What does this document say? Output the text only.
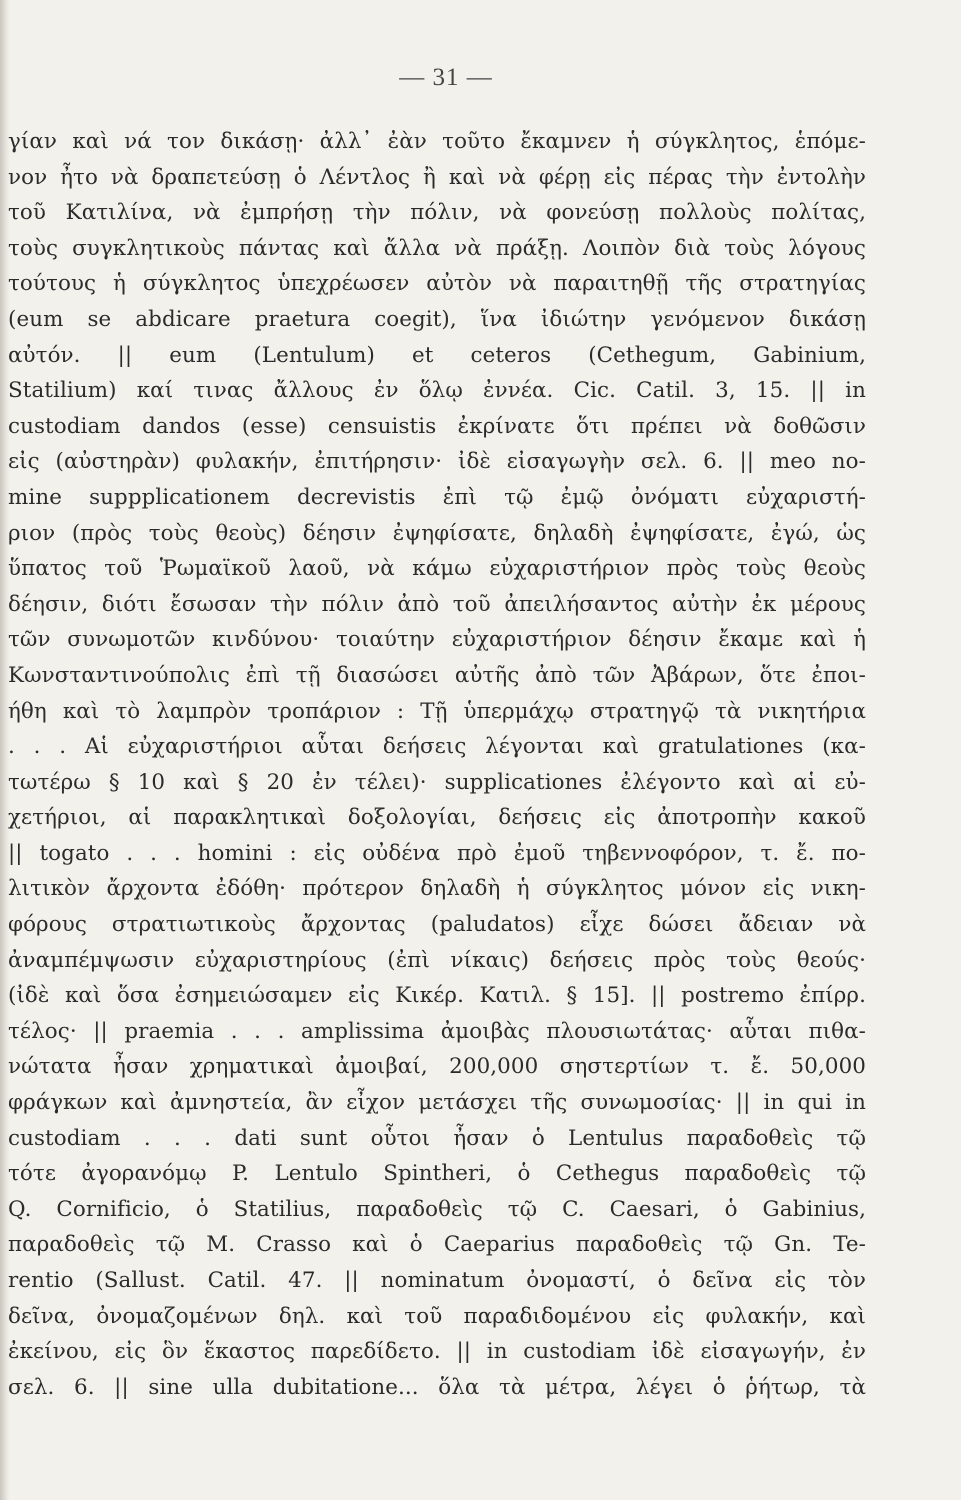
— 31 —
γίαν καὶ νά τον δικάσῃ· ἀλλ᾽ ἐὰν τοῦτο ἔκαμνεν ἡ σύγκλητος, ἑπόμε-
νον ἦτο νὰ δραπετεύσῃ ὁ Λέντλος ἢ καὶ νὰ φέρῃ εἰς πέρας τὴν ἐντολὴν
τοῦ Κατιλίνα, νὰ ἐμπρήσῃ τὴν πόλιν, νὰ φονεύσῃ πολλοὺς πολίτας,
τοὺς συγκλητικοὺς πάντας καὶ ἄλλα νὰ πράξῃ. Λοιπὸν διὰ τοὺς λόγους
τούτους ἡ σύγκλητος ὑπεχρέωσεν αὐτὸν νὰ παραιτηθῇ τῆς στρατηγίας
(eum se abdicare praetura coegit), ἵνα ἰδιώτην γενόμενον δικάσῃ
αὐτόν. || eum (Lentulum) et ceteros (Cethegum, Gabinium,
Statilium) καί τινας ἄλλους ἐν ὅλῳ ἐννέα. Cic. Catil. 3, 15. || in
custodiam dandos (esse) censuistis ἐκρίνατε ὅτι πρέπει νὰ δοθῶσιν
εἰς (αὐστηρὰν) φυλακήν, ἐπιτήρησιν· ἰδὲ εἰσαγωγὴν σελ. 6. || meo no-
mine suppplicationem decrevistis ἐπὶ τῷ ἐμῷ ὀνόματι εὐχαριστή-
ριον (πρὸς τοὺς θεοὺς) δέησιν ἐψηφίσατε, δηλαδὴ ἐψηφίσατε, ἐγώ, ὡς
ὕπατος τοῦ Ῥωμαϊκοῦ λαοῦ, νὰ κάμω εὐχαριστήριον πρὸς τοὺς θεοὺς
δέησιν, διότι ἔσωσαν τὴν πόλιν ἀπὸ τοῦ ἀπειλήσαντος αὐτὴν ἐκ μέρους
τῶν συνωμοτῶν κινδύνου· τοιαύτην εὐχαριστήριον δέησιν ἔκαμε καὶ ἡ
Κωνσταντινούπολις ἐπὶ τῇ διασώσει αὐτῆς ἀπὸ τῶν Ἀβάρων, ὅτε ἐποι-
ήθη καὶ τὸ λαμπρὸν τροπάριον : Τῇ ὑπερμάχῳ στρατηγῷ τὰ νικητήρια
. . . Αἱ εὐχαριστήριοι αὗται δεήσεις λέγονται καὶ gratulationes (κα-
τωτέρω § 10 καὶ § 20 ἐν τέλει)· supplicationes ἐλέγοντο καὶ αἱ εὐ-
χετήριοι, αἱ παρακλητικαὶ δοξολογίαι, δεήσεις εἰς ἀποτροπὴν κακοῦ
|| togato . . . homini : εἰς οὐδένα πρὸ ἐμοῦ τηβεννοφόρον, τ. ἔ. πο-
λιτικὸν ἄρχοντα ἐδόθη· πρότερον δηλαδὴ ἡ σύγκλητος μόνον εἰς νικη-
φόρους στρατιωτικοὺς ἄρχοντας (paludatos) εἶχε δώσει ἄδειαν νὰ
ἀναμπέμψωσιν εὐχαριστηρίους (ἐπὶ νίκαις) δεήσεις πρὸς τοὺς θεούς·
(ἰδὲ καὶ ὅσα ἐσημειώσαμεν εἰς Κικέρ. Κατιλ. § 15]. || postremo ἐπίρρ.
τέλος· || praemia . . . amplissima ἀμοιβὰς πλουσιωτάτας· αὗται πιθα-
νώτατα ἦσαν χρηματικαὶ ἀμοιβαί, 200,000 σηστερτίων τ. ἔ. 50,000
φράγκων καὶ ἀμνηστεία, ἂν εἶχον μετάσχει τῆς συνωμοσίας· || in qui in
custodiam . . . dati sunt οὗτοι ἦσαν ὁ Lentulus παραδοθεὶς τῷ
τότε ἀγορανόμῳ P. Lentulo Spintheri, ὁ Cethegus παραδοθεὶς τῷ
Q. Cornificio, ὁ Statilius, παραδοθεὶς τῷ C. Caesari, ὁ Gabinius,
παραδοθεὶς τῷ M. Crasso καὶ ὁ Caeparius παραδοθεὶς τῷ Gn. Te-
rentio (Sallust. Catil. 47. || nominatum ὀνομαστί, ὁ δεῖνα εἰς τὸν
δεῖνα, ὀνομαζομένων δηλ. καὶ τοῦ παραδιδομένου εἰς φυλακήν, καὶ
ἐκείνου, εἰς ὃν ἕκαστος παρεδίδετο. || in custodiam ἰδὲ εἰσαγωγήν, ἐν
σελ. 6. || sine ulla dubitatione... ὅλα τὰ μέτρα, λέγει ὁ ῥήτωρ, τὰ
